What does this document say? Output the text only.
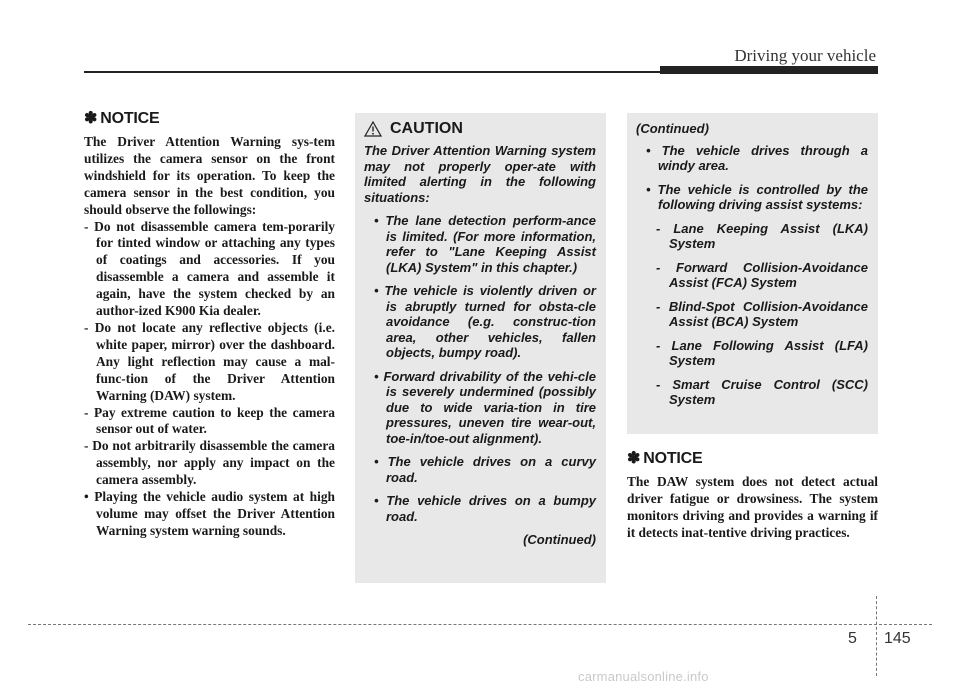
Driving your vehicle

✽ NOTICE

The Driver Attention Warning sys-tem utilizes the camera sensor on the front windshield for its operation. To keep the camera sensor in the best condition, you should observe the followings:

- Do not disassemble camera tem-porarily for tinted window or attaching any types of coatings and accessories. If you disassemble a camera and assemble it again, have the system checked by an author-ized K900 Kia dealer.

- Do not locate any reflective objects (i.e. white paper, mirror) over the dashboard. Any light reflection may cause a mal-func-tion of the Driver Attention Warning (DAW) system.

- Pay extreme caution to keep the camera sensor out of water.

- Do not arbitrarily disassemble the camera assembly, nor apply any impact on the camera assembly.

• Playing the vehicle audio system at high volume may offset the Driver Attention Warning system warning sounds.

CAUTION

The Driver Attention Warning system may not properly oper-ate with limited alerting in the following situations:

• The lane detection perform-ance is limited. (For more information, refer to "Lane Keeping Assist (LKA) System" in this chapter.)

• The vehicle is violently driven or is abruptly turned for obsta-cle avoidance (e.g. construc-tion area, other vehicles, fallen objects, bumpy road).

• Forward drivability of the vehi-cle is severely undermined (possibly due to wide varia-tion in tire pressures, uneven tire wear-out, toe-in/toe-out alignment).

• The vehicle drives on a curvy road.

• The vehicle drives on a bumpy road.

(Continued)

(Continued)

• The vehicle drives through a windy area.

• The vehicle is controlled by the following driving assist systems:

- Lane Keeping Assist (LKA) System

- Forward Collision-Avoidance Assist (FCA) System

- Blind-Spot Collision-Avoidance Assist (BCA) System

- Lane Following Assist (LFA) System

- Smart Cruise Control (SCC) System

✽ NOTICE

The DAW system does not detect actual driver fatigue or drowsiness. The system monitors driving and provides a warning if it detects inat-tentive driving practices.

5 145
carmanualsonline.info
